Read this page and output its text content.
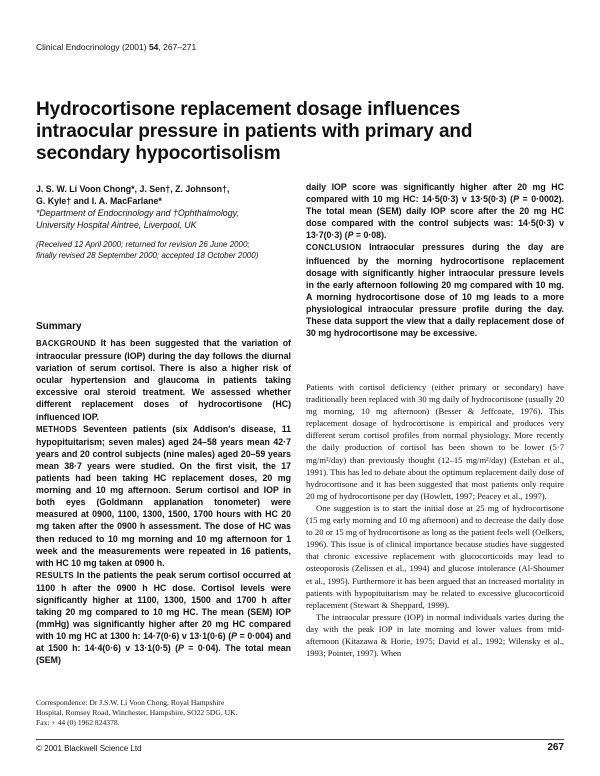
Clinical Endocrinology (2001) 54, 267–271
Hydrocortisone replacement dosage influences intraocular pressure in patients with primary and secondary hypocortisolism
J. S. W. Li Voon Chong*, J. Sen†, Z. Johnson†,
G. Kyle† and I. A. MacFarlane*
*Department of Endocrinology and †Ophthalmology,
University Hospital Aintree, Liverpool, UK
(Received 12 April 2000; returned for revision 26 June 2000;
finally revised 28 September 2000; accepted 18 October 2000)
Summary

BACKGROUND It has been suggested that the variation of intraocular pressure (IOP) during the day follows the diurnal variation of serum cortisol. There is also a higher risk of ocular hypertension and glaucoma in patients taking excessive oral steroid treatment. We assessed whether different replacement doses of hydrocortisone (HC) influenced IOP.

METHODS Seventeen patients (six Addison's disease, 11 hypopituitarism; seven males) aged 24–58 years mean 42·7 years and 20 control subjects (nine males) aged 20–59 years mean 38·7 years were studied. On the first visit, the 17 patients had been taking HC replacement doses, 20 mg morning and 10 mg afternoon. Serum cortisol and IOP in both eyes (Goldmann applanation tonometer) were measured at 0900, 1100, 1300, 1500, 1700 hours with HC 20 mg taken after the 0900 h assessment. The dose of HC was then reduced to 10 mg morning and 10 mg afternoon for 1 week and the measurements were repeated in 16 patients, with HC 10 mg taken at 0900 h.

RESULTS In the patients the peak serum cortisol occurred at 1100 h after the 0900 h HC dose. Cortisol levels were significantly higher at 1100, 1300, 1500 and 1700 h after taking 20 mg compared to 10 mg HC. The mean (SEM) IOP (mmHg) was significantly higher after 20 mg HC compared with 10 mg HC at 1300 h: 14·7(0·6) v 13·1(0·6) (P = 0·004) and at 1500 h: 14·4(0·6) v 13·1(0·5) (P = 0·04). The total mean (SEM)

daily IOP score was significantly higher after 20 mg HC compared with 10 mg HC: 14·5(0·3) v 13·5(0·3) (P = 0·0002). The total mean (SEM) daily IOP score after the 20 mg HC dose compared with the control subjects was: 14·5(0·3) v 13·7(0·3) (P = 0·08).

CONCLUSION Intraocular pressures during the day are influenced by the morning hydrocortisone replacement dosage with significantly higher intraocular pressure levels in the early afternoon following 20 mg compared with 10 mg. A morning hydrocortisone dose of 10 mg leads to a more physiological intraocular pressure profile during the day. These data support the view that a daily replacement dose of 30 mg hydrocortisone may be excessive.

Patients with cortisol deficiency (either primary or secondary) have traditionally been replaced with 30 mg daily of hydrocortisone (usually 20 mg morning, 10 mg afternoon) (Besser & Jeffcoate, 1976). This replacement dosage of hydrocortisone is empirical and produces very different serum cortisol profiles from normal physiology. More recently the daily production of cortisol has been shown to be lower (5·7 mg/m²/day) than previously thought (12–15 mg/m²/day) (Esteban et al., 1991). This has led to debate about the optimum replacement daily dose of hydrocortisone and it has been suggested that most patients only require 20 mg of hydrocortisone per day (Howlett, 1997; Peacey et al., 1997).

One suggestion is to start the initial dose at 25 mg of hydrocortisone (15 mg early morning and 10 mg afternoon) and to decrease the daily dose to 20 or 15 mg of hydrocortisone as long as the patient feels well (Oelkers, 1996). This issue is of clinical importance because studies have suggested that chronic excessive replacement with glucocorticoids may lead to osteoporosis (Zelissen et al., 1994) and glucose intolerance (Al-Shoumer et al., 1995). Furthermore it has been argued that an increased mortality in patients with hypopituitarism may be related to excessive glucocorticoid replacement (Stewart & Sheppard, 1999).

The intraocular pressure (IOP) in normal individuals varies during the day with the peak IOP in late morning and lower values from mid-afternoon (Kitazawa & Horie, 1975; David et al., 1992; Wilensky et al., 1993; Pointer, 1997). When

Correspondence: Dr J.S.W. Li Voon Chong, Royal Hampshire
Hospital, Romsey Road, Winchester, Hampshire, SO22 5DG, UK.
Fax: + 44 (0) 1962 824378.
© 2001 Blackwell Science Ltd	267
